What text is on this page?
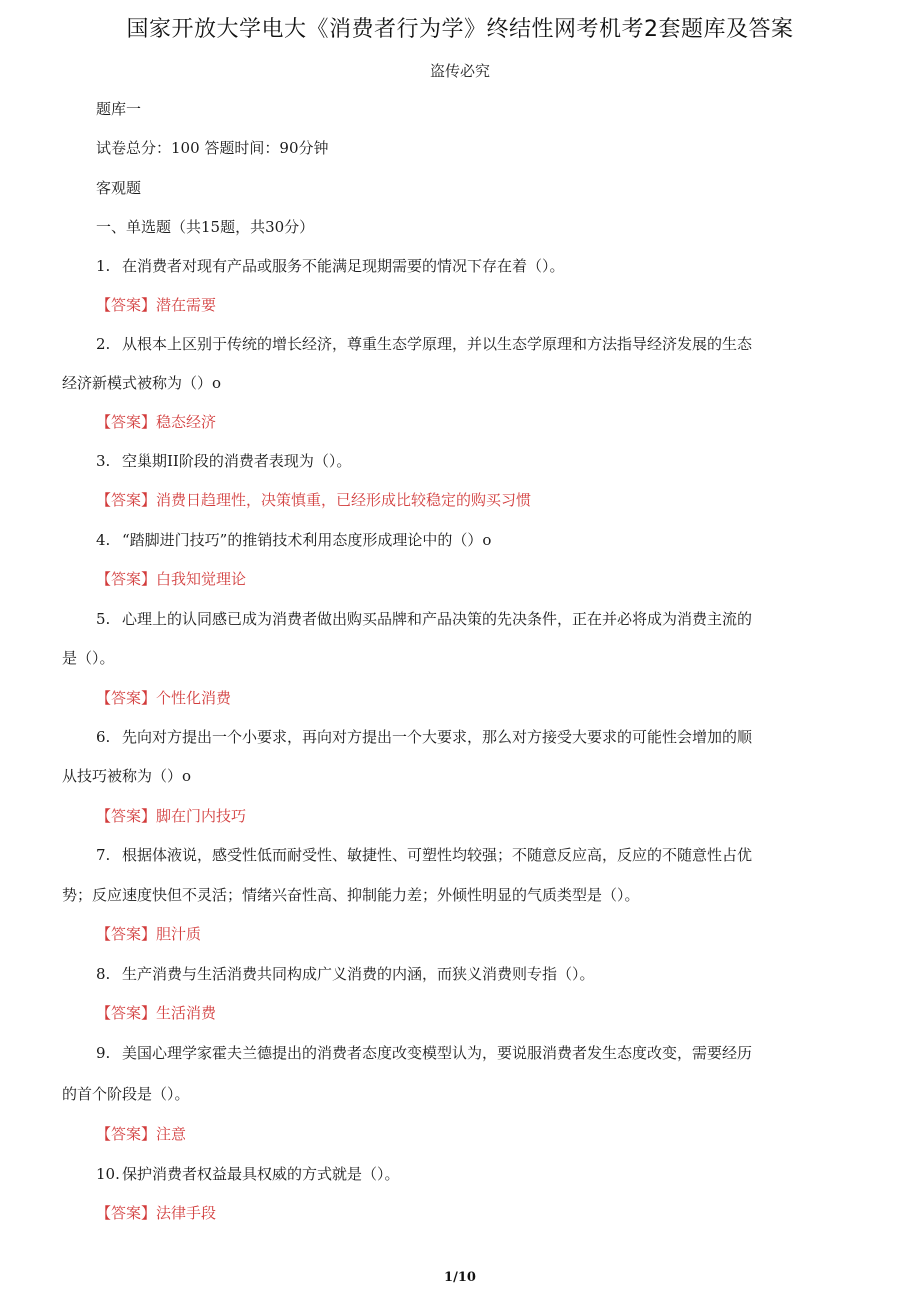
国家开放大学电大《消费者行为学》终结性网考机考2套题库及答案
盗传必究
题库一
试卷总分：100 答题时间：90分钟
客观题
一、单选题（共15题，共30分）
1. 在消费者对现有产品或服务不能满足现期需要的情况下存在着（）。
【答案】潜在需要
2. 从根本上区别于传统的增长经济，尊重生态学原理，并以生态学原理和方法指导经济发展的生态
经济新模式被称为（）o
【答案】稳态经济
3. 空巢期II阶段的消费者表现为（）。
【答案】消费日趋理性，决策慎重，已经形成比较稳定的购买习惯
4. “踏脚进门技巧”的推销技术利用态度形成理论中的（）o
【答案】白我知觉理论
5. 心理上的认同感已成为消费者做出购买品牌和产品决策的先决条件，正在并必将成为消费主流的
是（）。
【答案】个性化消费
6. 先向对方提出一个小要求，再向对方提出一个大要求，那么对方接受大要求的可能性会增加的顺
从技巧被称为（）o
【答案】脚在门内技巧
7. 根据体液说，感受性低而耐受性、敏捷性、可塑性均较强；不随意反应高，反应的不随意性占优
势；反应速度快但不灵活；情绪兴奋性高、抑制能力差；外倾性明显的气质类型是（）。
【答案】胆汁质
8. 生产消费与生活消费共同构成广义消费的内涵，而狭义消费则专指（）。
【答案】生活消费
9. 美国心理学家霍夫兰德提出的消费者态度改变模型认为，要说服消费者发生态度改变，需要经历
的首个阶段是（）。
【答案】注意
10. 保护消费者权益最具权威的方式就是（）。
【答案】法律手段
1/10
